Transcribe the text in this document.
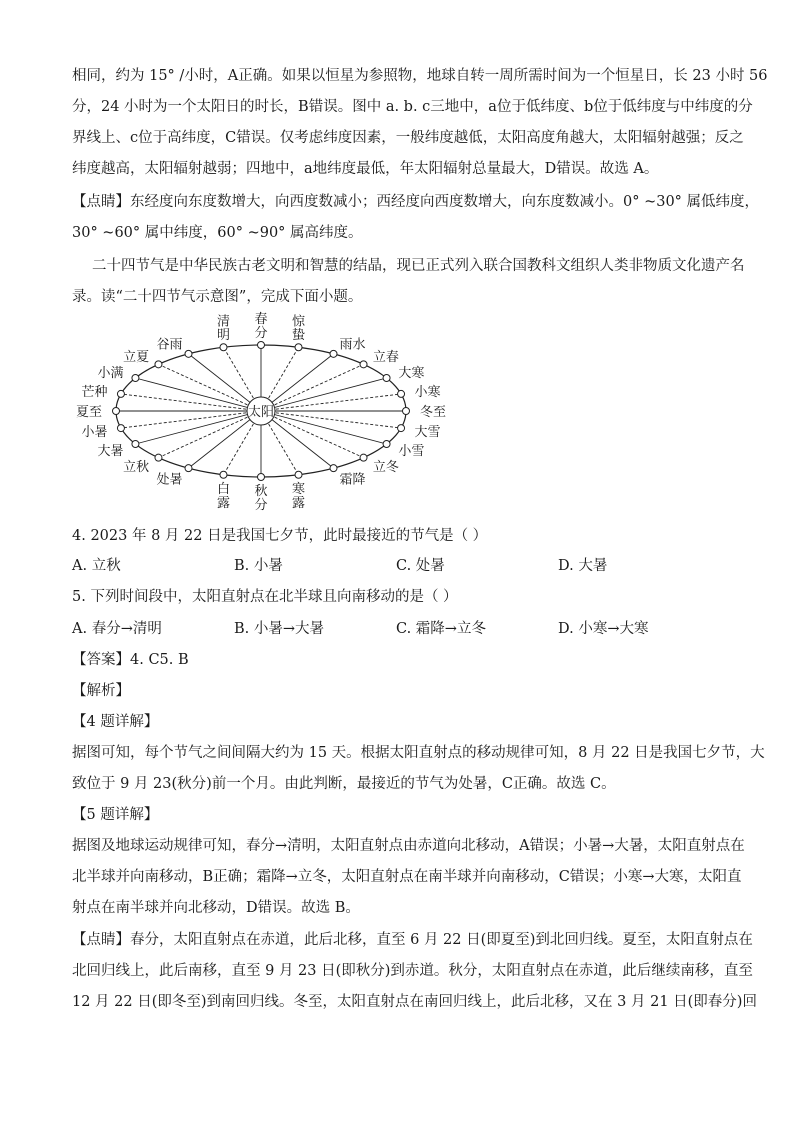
相同，约为 15° /小时，A正确。如果以恒星为参照物，地球自转一周所需时间为一个恒星日，长 23 小时 56
分，24 小时为一个太阳日的时长，B错误。图中 a. b. c三地中，a位于低纬度、b位于低纬度与中纬度的分
界线上、c位于高纬度，C错误。仅考虑纬度因素，一般纬度越低，太阳高度角越大，太阳辐射越强；反之
纬度越高，太阳辐射越弱；四地中，a地纬度最低，年太阳辐射总量最大，D错误。故选 A。
【点睛】东经度向东度数增大，向西度数减小；西经度向西度数增大，向东度数减小。0° ~30° 属低纬度，
30° ~60° 属中纬度，60° ~90° 属高纬度。
二十四节气是中华民族古老文明和智慧的结晶，现已正式列入联合国教科文组织人类非物质文化遗产名
录。读“二十四节气示意图”，完成下面小题。
太阳	冬至
小寒
大寒
立春
雨水
惊
蛰
春
分
清
明
谷雨
立夏
小满
芒种
夏至
小暑
大暑
立秋
处暑
白
露
秋
分
寒
露
霜降
立冬
小雪
大雪
4. 2023 年 8 月 22 日是我国七夕节，此时最接近的节气是（ ）
A. 立秋	B. 小暑	C. 处暑	D. 大暑
5. 下列时间段中，太阳直射点在北半球且向南移动的是（ ）
A. 春分→清明	B. 小暑→大暑	C. 霜降→立冬	D. 小寒→大寒
【答案】4. C5. B
【解析】
【4 题详解】
据图可知，每个节气之间间隔大约为 15 天。根据太阳直射点的移动规律可知，8 月 22 日是我国七夕节，大
致位于 9 月 23(秋分)前一个月。由此判断，最接近的节气为处暑，C正确。故选 C。
【5 题详解】
据图及地球运动规律可知，春分→清明，太阳直射点由赤道向北移动，A错误；小暑→大暑，太阳直射点在
北半球并向南移动，B正确；霜降→立冬，太阳直射点在南半球并向南移动，C错误；小寒→大寒，太阳直
射点在南半球并向北移动，D错误。故选 B。
【点睛】春分，太阳直射点在赤道，此后北移，直至 6 月 22 日(即夏至)到北回归线。夏至，太阳直射点在
北回归线上，此后南移，直至 9 月 23 日(即秋分)到赤道。秋分，太阳直射点在赤道，此后继续南移，直至
12 月 22 日(即冬至)到南回归线。冬至，太阳直射点在南回归线上，此后北移，又在 3 月 21 日(即春分)回
